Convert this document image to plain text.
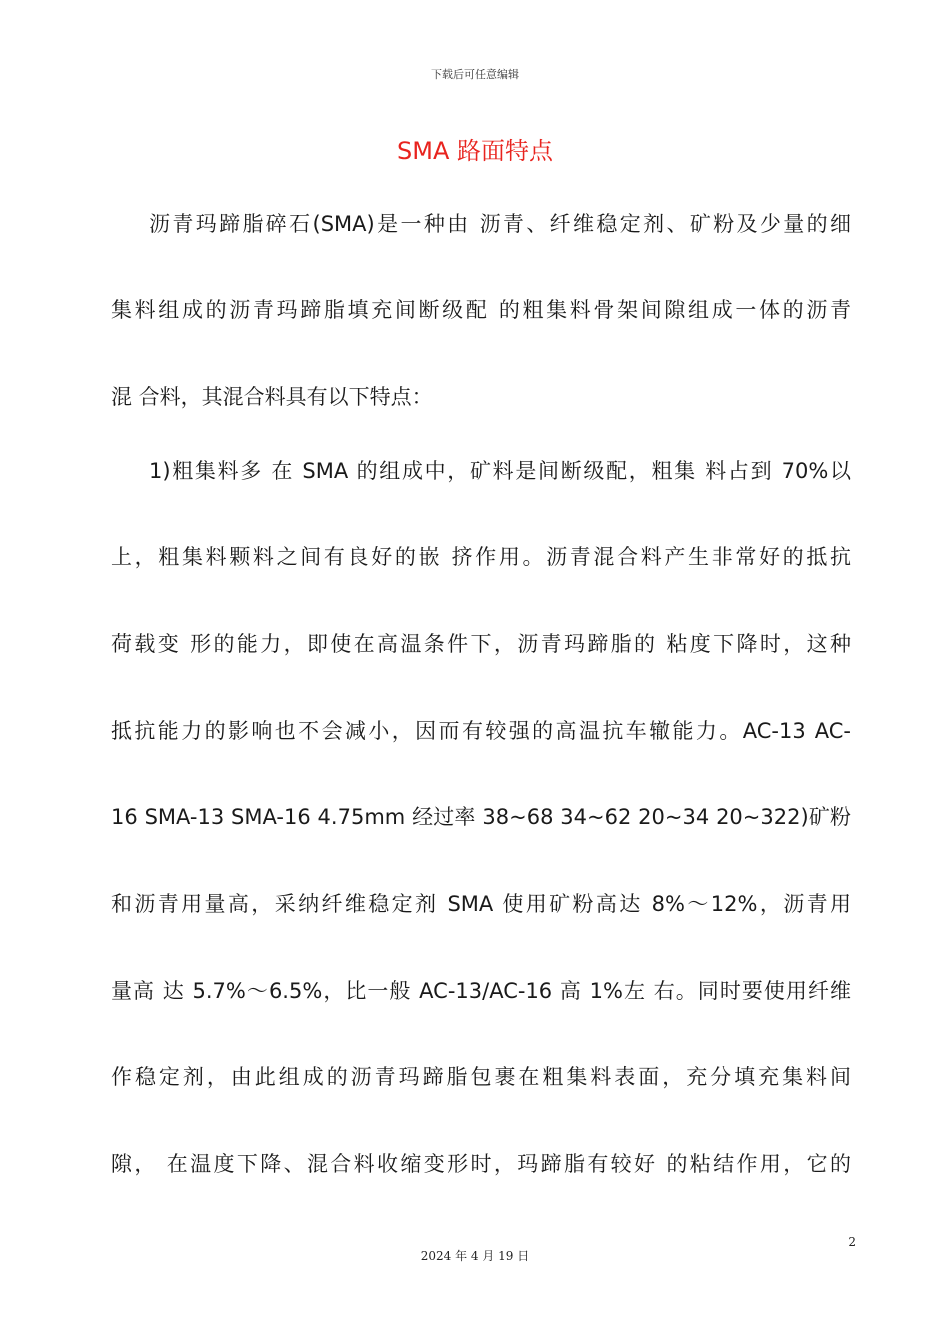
下载后可任意编辑
SMA 路面特点
沥青玛蹄脂碎石(SMA)是一种由 沥青、纤维稳定剂、矿粉及少量的细
集料组成的沥青玛蹄脂填充间断级配 的粗集料骨架间隙组成一体的沥青
混 合料，其混合料具有以下特点：
1)粗集料多 在 SMA 的组成中，矿料是间断级配，粗集 料占到 70%以
上，粗集料颗料之间有良好的嵌 挤作用。沥青混合料产生非常好的抵抗
荷载变 形的能力，即使在高温条件下，沥青玛蹄脂的 粘度下降时，这种
抵抗能力的影响也不会减小，因而有较强的高温抗车辙能力。AC-13 AC-
16 SMA-13 SMA-16 4.75mm 经过率 38~68 34~62 20~34 20~322)矿粉
和沥青用量高，采纳纤维稳定剂 SMA 使用矿粉高达 8%～12%，沥青用
量高 达 5.7%～6.5%，比一般 AC-13/AC-16 高 1%左 右。同时要使用纤维
作稳定剂，由此组成的沥青玛蹄脂包裹在粗集料表面，充分填充集料间
隙， 在温度下降、混合料收缩变形时，玛蹄脂有较好 的粘结作用，它的
2
2024 年 4 月 19 日
